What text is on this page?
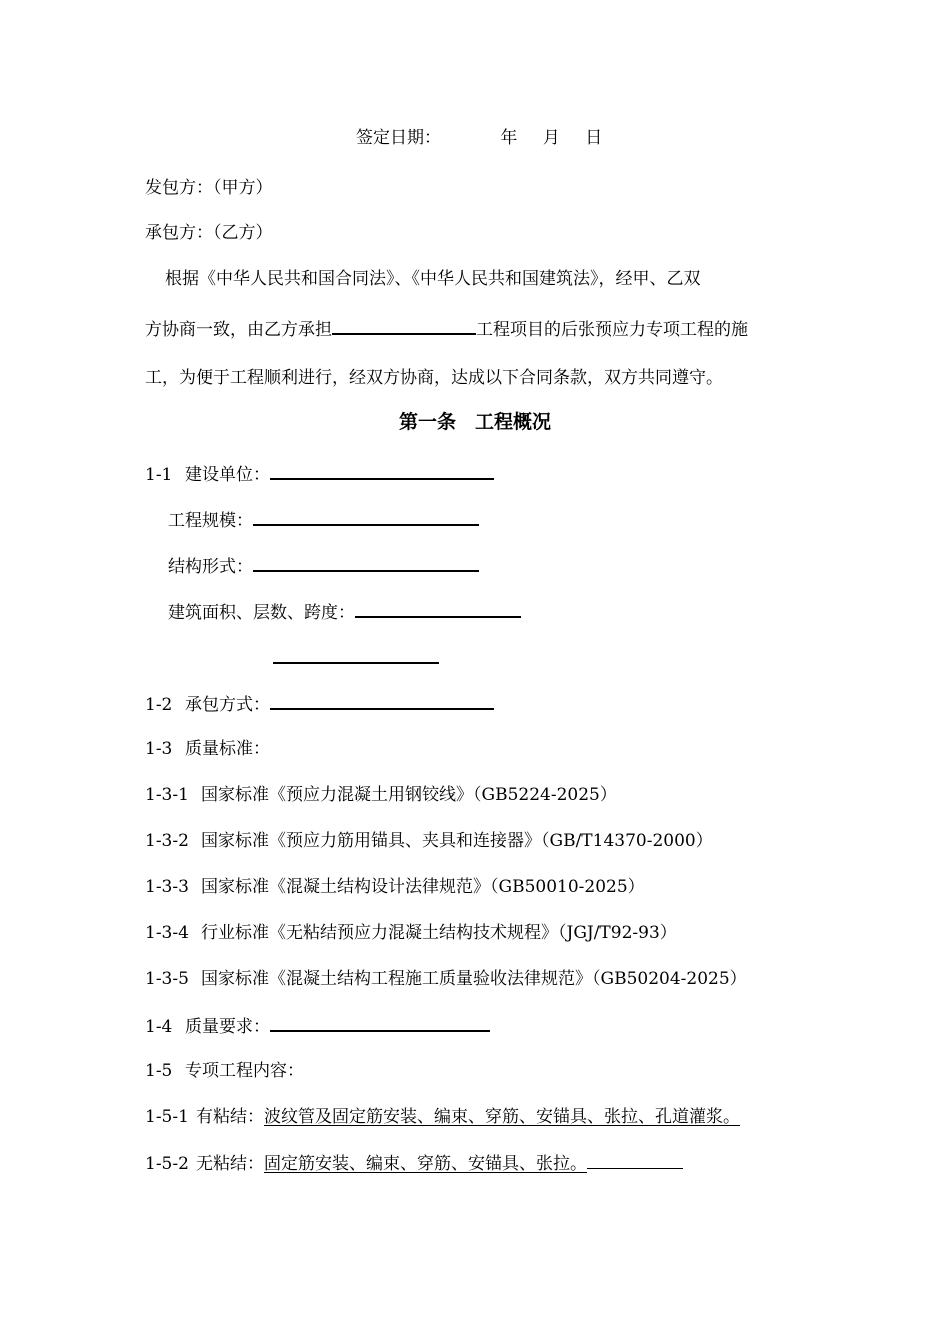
签定日期：	年 月 日
发包方：（甲方）
承包方：（乙方）
根据《中华人民共和国合同法》、《中华人民共和国建筑法》，经甲、乙双
方协商一致，由乙方承担	工程项目的后张预应力专项工程的施
工，为便于工程顺利进行，经双方协商，达成以下合同条款，双方共同遵守。
第一条　工程概况
1-1 建设单位：
工程规模：
结构形式：
建筑面积、层数、跨度：
1-2 承包方式：
1-3 质量标准：
1-3-1 国家标准《预应力混凝土用钢铰线》（GB5224-2025）
1-3-2 国家标准《预应力筋用锚具、夹具和连接器》（GB/T14370-2000）
1-3-3 国家标准《混凝土结构设计法律规范》（GB50010-2025）
1-3-4 行业标准《无粘结预应力混凝土结构技术规程》（JGJ/T92-93）
1-3-5 国家标准《混凝土结构工程施工质量验收法律规范》（GB50204-2025）
1-4 质量要求：
1-5 专项工程内容：
1-5-1 有粘结：波纹管及固定筋安装、编束、穿筋、安锚具、张拉、孔道灌浆。
1-5-2 无粘结：固定筋安装、编束、穿筋、安锚具、张拉。
